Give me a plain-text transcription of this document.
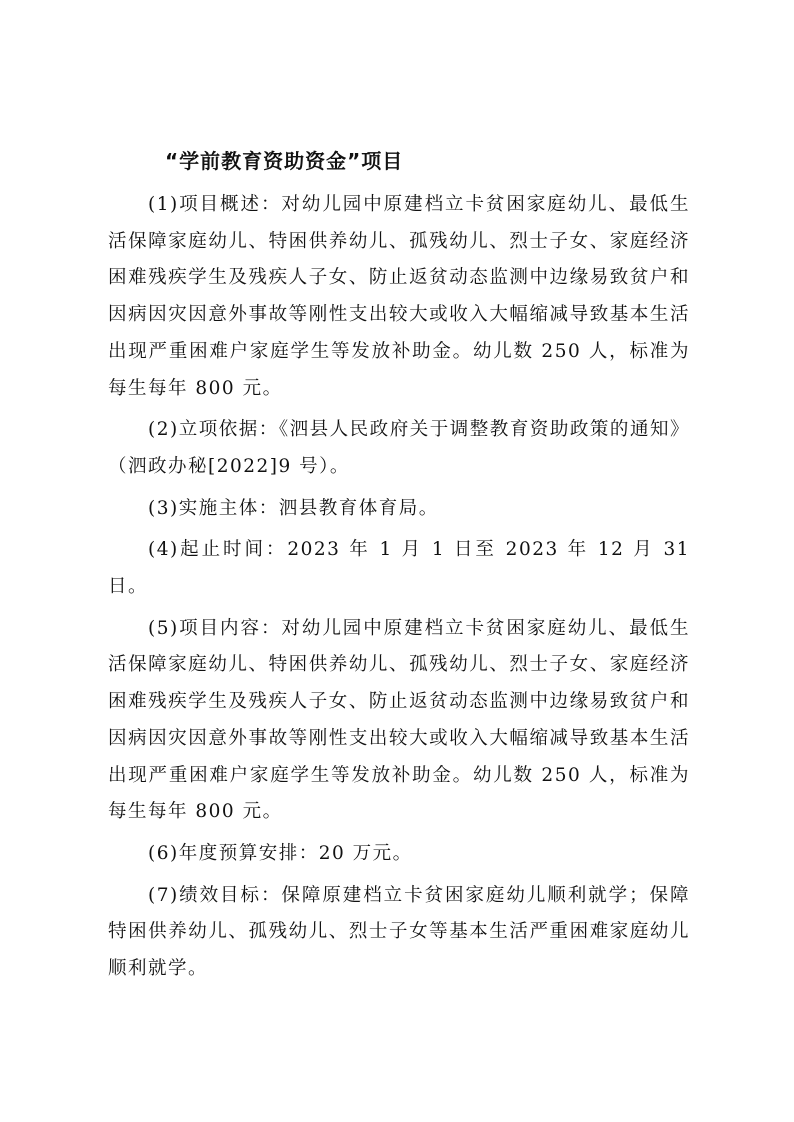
“学前教育资助资金”项目

(1)项目概述：对幼儿园中原建档立卡贫困家庭幼儿、最低生活保障家庭幼儿、特困供养幼儿、孤残幼儿、烈士子女、家庭经济困难残疾学生及残疾人子女、防止返贫动态监测中边缘易致贫户和因病因灾因意外事故等刚性支出较大或收入大幅缩减导致基本生活出现严重困难户家庭学生等发放补助金。幼儿数 250 人，标准为每生每年 800 元。

(2)立项依据：《泗县人民政府关于调整教育资助政策的通知》（泗政办秘[2022]9 号）。

(3)实施主体：泗县教育体育局。

(4)起止时间：2023 年 1 月 1 日至 2023 年 12 月 31 日。

(5)项目内容：对幼儿园中原建档立卡贫困家庭幼儿、最低生活保障家庭幼儿、特困供养幼儿、孤残幼儿、烈士子女、家庭经济困难残疾学生及残疾人子女、防止返贫动态监测中边缘易致贫户和因病因灾因意外事故等刚性支出较大或收入大幅缩减导致基本生活出现严重困难户家庭学生等发放补助金。幼儿数 250 人，标准为每生每年 800 元。

(6)年度预算安排：20 万元。

(7)绩效目标：保障原建档立卡贫困家庭幼儿顺利就学；保障特困供养幼儿、孤残幼儿、烈士子女等基本生活严重困难家庭幼儿顺利就学。
